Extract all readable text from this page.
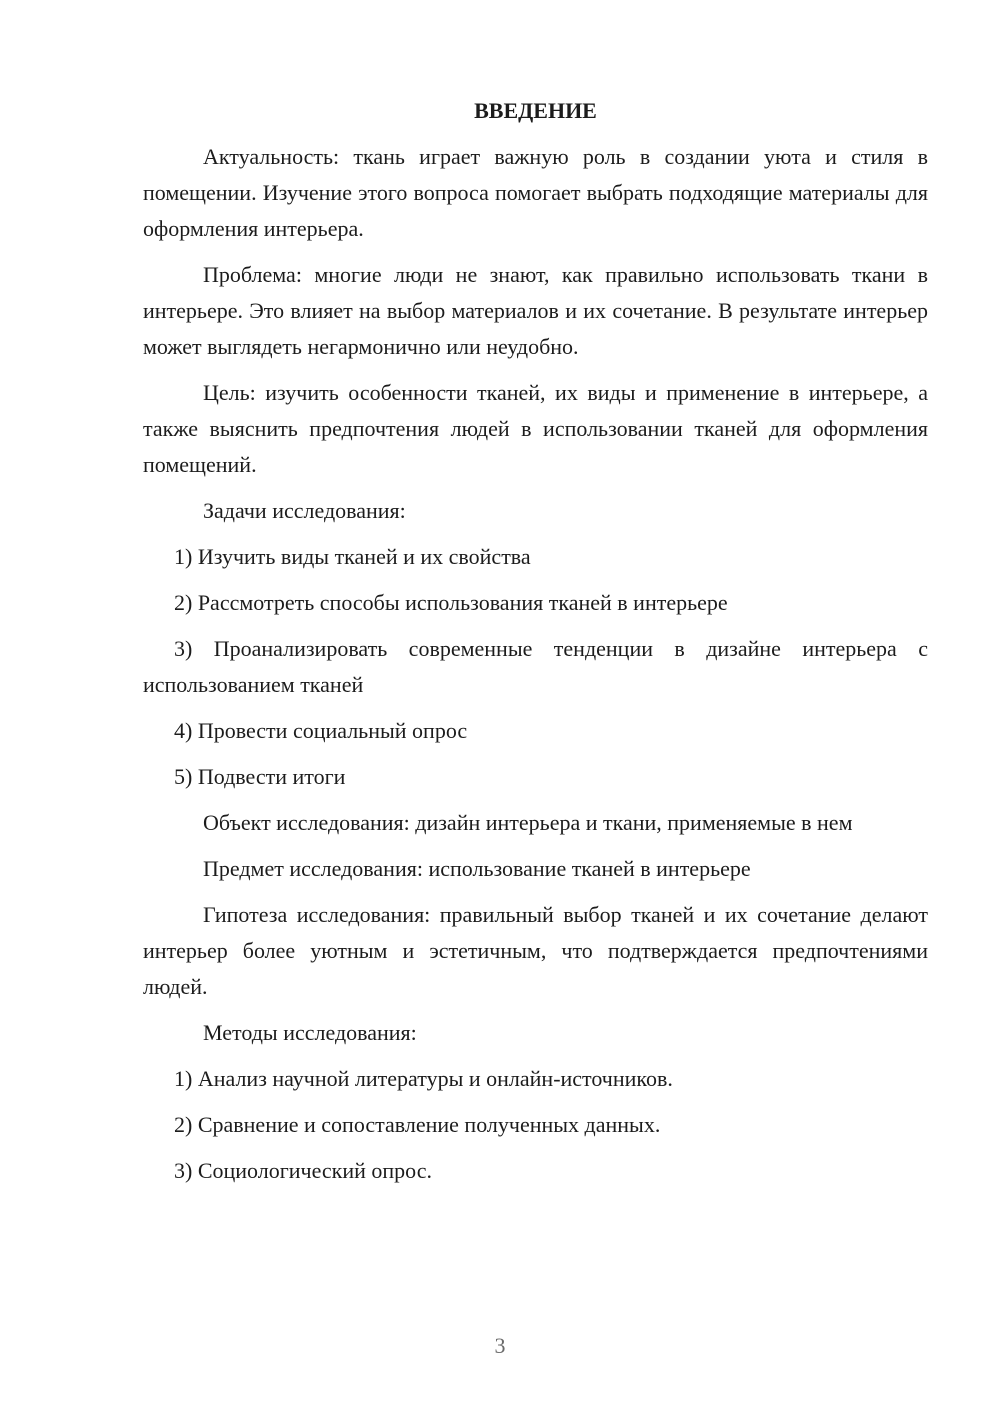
ВВЕДЕНИЕ

Актуальность: ткань играет важную роль в создании уюта и стиля в помещении. Изучение этого вопроса помогает выбрать подходящие материалы для оформления интерьера.

Проблема: многие люди не знают, как правильно использовать ткани в интерьере. Это влияет на выбор материалов и их сочетание. В результате интерьер может выглядеть негармонично или неудобно.

Цель: изучить особенности тканей, их виды и применение в интерьере, а также выяснить предпочтения людей в использовании тканей для оформления помещений.

Задачи исследования:

1) Изучить виды тканей и их свойства

2) Рассмотреть способы использования тканей в интерьере

3) Проанализировать современные тенденции в дизайне интерьера с использованием тканей

4) Провести социальный опрос

5) Подвести итоги

Объект исследования: дизайн интерьера и ткани, применяемые в нем

Предмет исследования: использование тканей в интерьере

Гипотеза исследования: правильный выбор тканей и их сочетание делают интерьер более уютным и эстетичным, что подтверждается предпочтениями людей.

Методы исследования:

1) Анализ научной литературы и онлайн-источников.

2) Сравнение и сопоставление полученных данных.

3) Социологический опрос.

3
